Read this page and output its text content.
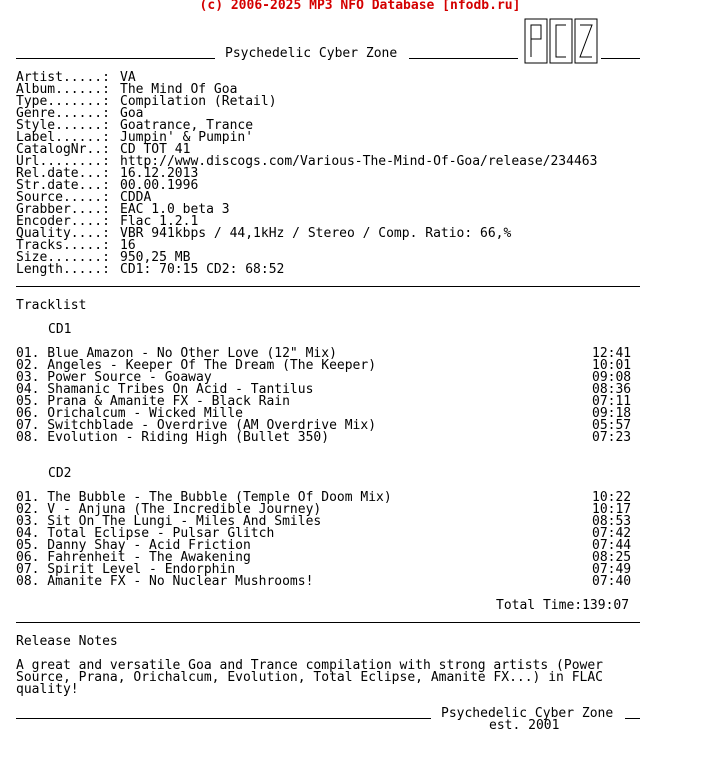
(c) 2006-2025 MP3 NFO Database [nfodb.ru]
Psychedelic Cyber Zone
Artist.....: VA
Album......: The Mind Of Goa
Type.......: Compilation (Retail)
Genre......: Goa
Style......: Goatrance, Trance
Label......: Jumpin' & Pumpin'
CatalogNr..: CD TOT 41
Url........: http://www.discogs.com/Various-The-Mind-Of-Goa/release/234463
Rel.date...: 16.12.2013
Str.date...: 00.00.1996
Source.....: CDDA
Grabber....: EAC 1.0 beta 3
Encoder....: Flac 1.2.1
Quality....: VBR 941kbps / 44,1kHz / Stereo / Comp. Ratio: 66,%
Tracks.....: 16
Size.......: 950,25 MB
Length.....: CD1: 70:15 CD2: 68:52
Tracklist
CD1
01. Blue Amazon - No Other Love (12" Mix)	12:41
02. Angeles - Keeper Of The Dream (The Keeper)	10:01
03. Power Source - Goaway	09:08
04. Shamanic Tribes On Acid - Tantilus	08:36
05. Prana & Amanite FX - Black Rain	07:11
06. Orichalcum - Wicked Mille	09:18
07. Switchblade - Overdrive (AM Overdrive Mix)	05:57
08. Evolution - Riding High (Bullet 350)	07:23
CD2
01. The Bubble - The Bubble (Temple Of Doom Mix)	10:22
02. V - Anjuna (The Incredible Journey)	10:17
03. Sit On The Lungi - Miles And Smiles	08:53
04. Total Eclipse - Pulsar Glitch	07:42
05. Danny Shay - Acid Friction	07:44
06. Fahrenheit - The Awakening	08:25
07. Spirit Level - Endorphin	07:49
08. Amanite FX - No Nuclear Mushrooms!	07:40
Total Time:139:07
Release Notes
A great and versatile Goa and Trance compilation with strong artists (Power
Source, Prana, Orichalcum, Evolution, Total Eclipse, Amanite FX...) in FLAC
quality!
Psychedelic Cyber Zone
est. 2001
